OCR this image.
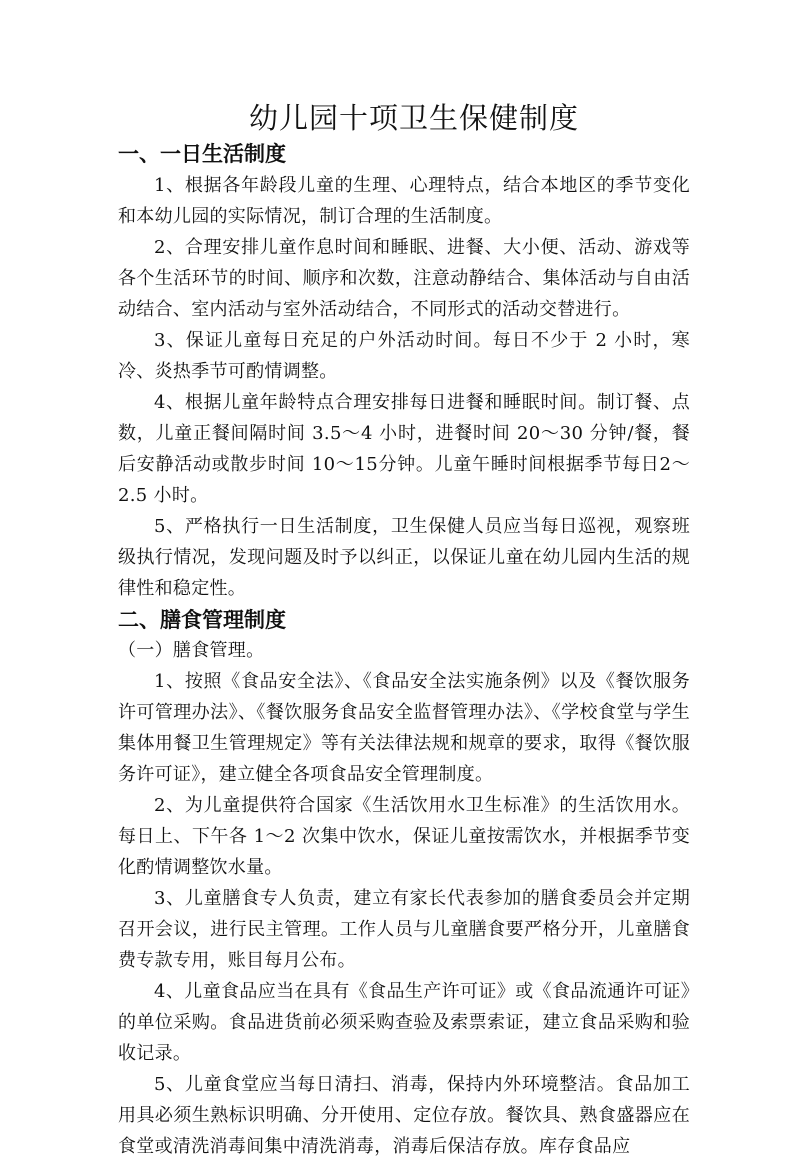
幼儿园十项卫生保健制度
一、一日生活制度

1、根据各年龄段儿童的生理、心理特点，结合本地区的季节变化和本幼儿园的实际情况，制订合理的生活制度。

2、合理安排儿童作息时间和睡眠、进餐、大小便、活动、游戏等各个生活环节的时间、顺序和次数，注意动静结合、集体活动与自由活动结合、室内活动与室外活动结合，不同形式的活动交替进行。

3、保证儿童每日充足的户外活动时间。每日不少于 2 小时，寒冷、炎热季节可酌情调整。

4、根据儿童年龄特点合理安排每日进餐和睡眠时间。制订餐、点数，儿童正餐间隔时间 3.5～4 小时，进餐时间 20～30 分钟/餐，餐后安静活动或散步时间 10～15分钟。儿童午睡时间根据季节每日2～2.5 小时。

5、严格执行一日生活制度，卫生保健人员应当每日巡视，观察班级执行情况，发现问题及时予以纠正，以保证儿童在幼儿园内生活的规律性和稳定性。

二、膳食管理制度

（一）膳食管理。

1、按照《食品安全法》、《食品安全法实施条例》以及《餐饮服务许可管理办法》、《餐饮服务食品安全监督管理办法》、《学校食堂与学生集体用餐卫生管理规定》等有关法律法规和规章的要求，取得《餐饮服务许可证》，建立健全各项食品安全管理制度。

2、为儿童提供符合国家《生活饮用水卫生标准》的生活饮用水。每日上、下午各 1～2 次集中饮水，保证儿童按需饮水，并根据季节变化酌情调整饮水量。

3、儿童膳食专人负责，建立有家长代表参加的膳食委员会并定期召开会议，进行民主管理。工作人员与儿童膳食要严格分开，儿童膳食费专款专用，账目每月公布。

4、儿童食品应当在具有《食品生产许可证》或《食品流通许可证》的单位采购。食品进货前必须采购查验及索票索证，建立食品采购和验收记录。

5、儿童食堂应当每日清扫、消毒，保持内外环境整洁。食品加工用具必须生熟标识明确、分开使用、定位存放。餐饮具、熟食盛器应在食堂或清洗消毒间集中清洗消毒，消毒后保洁存放。库存食品应
